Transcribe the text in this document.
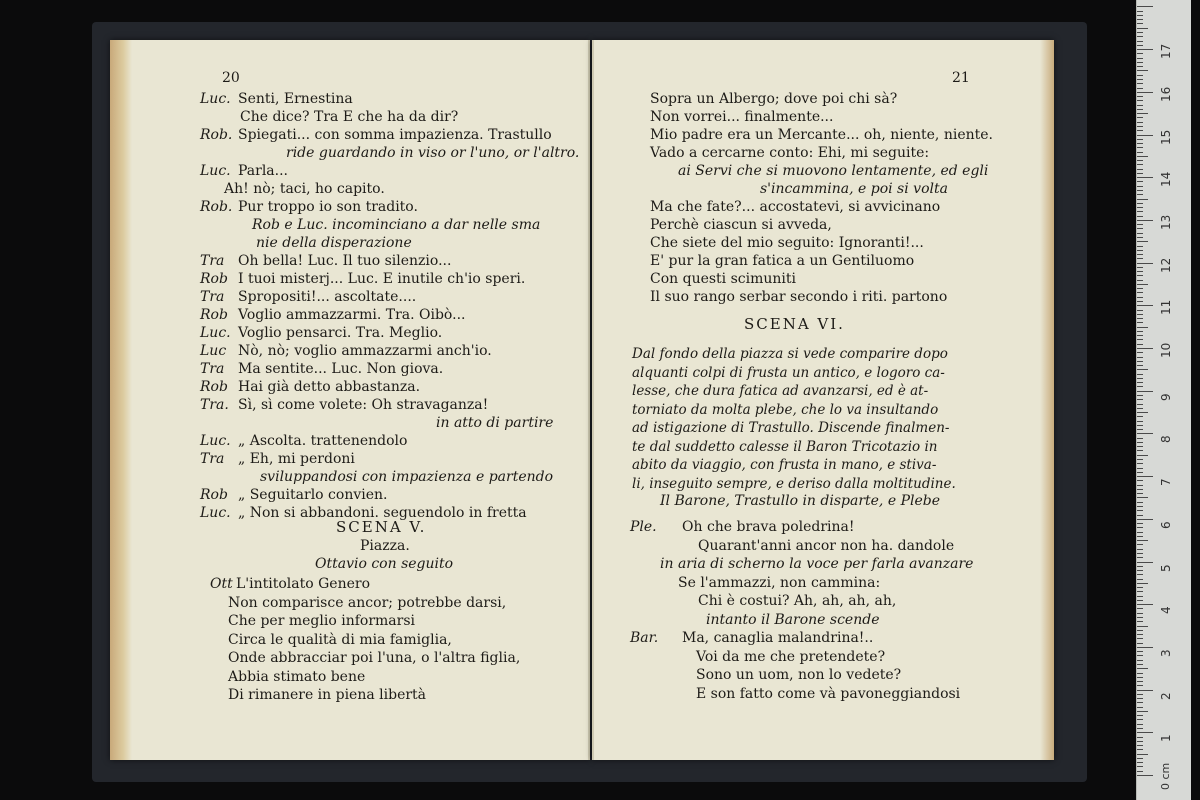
20
Luc. Senti, Ernestina
Che dice? Tra E che ha da dir?
Rob. Spiegati... con somma impazienza. Trastullo
ride guardando in viso or l'uno, or l'altro.
Luc. Parla...
Ah! nò; taci, ho capito.
Rob. Pur troppo io son tradito.
Rob e Luc. incominciano a dar nelle sma
nie della disperazione
Tra Oh bella! Luc. Il tuo silenzio...
Rob I tuoi misterj... Luc. E inutile ch'io speri.
Tra Spropositi!... ascoltate....
Rob Voglio ammazzarmi. Tra. Oibò...
Luc. Voglio pensarci. Tra. Meglio.
Luc Nò, nò; voglio ammazzarmi anch'io.
Tra Ma sentite... Luc. Non giova.
Rob Hai già detto abbastanza.
Tra. Sì, sì come volete: Oh stravaganza!
in atto di partire
Luc. „ Ascolta. trattenendolo
Tra „ Eh, mi perdoni
sviluppandosi con impazienza e partendo
Rob „ Seguitarlo convien.
Luc. „ Non si abbandoni. seguendolo in fretta
SCENA V.
Piazza.
Ottavio con seguito
Ott L'intitolato Genero
Non comparisce ancor; potrebbe darsi,
Che per meglio informarsi
Circa le qualità di mia famiglia,
Onde abbracciar poi l'una, o l'altra figlia,
Abbia stimato bene
Di rimanere in piena libertà
21
Sopra un Albergo; dove poi chi sà?
Non vorrei... finalmente...
Mio padre era un Mercante... oh, niente, niente.
Vado a cercarne conto: Ehi, mi seguite:
ai Servi che si muovono lentamente, ed egli
s'incammina, e poi si volta
Ma che fate?... accostatevi, si avvicinano
Perchè ciascun si avveda,
Che siete del mio seguito: Ignoranti!...
E' pur la gran fatica a un Gentiluomo
Con questi scimuniti
Il suo rango serbar secondo i riti. partono
SCENA VI.
Dal fondo della piazza si vede comparire dopo
alquanti colpi di frusta un antico, e logoro ca-
lesse, che dura fatica ad avanzarsi, ed è at-
torniato da molta plebe, che lo va insultando
ad istigazione di Trastullo. Discende finalmen-
te dal suddetto calesse il Baron Tricotazio in
abito da viaggio, con frusta in mano, e stiva-
li, inseguito sempre, e deriso dalla moltitudine.
Il Barone, Trastullo in disparte, e Plebe
Ple. Oh che brava poledrina!
Quarant'anni ancor non ha. dandole
in aria di scherno la voce per farla avanzare
Se l'ammazzi, non cammina:
Chi è costui? Ah, ah, ah, ah,
intanto il Barone scende
Bar. Ma, canaglia malandrina!..
Voi da me che pretendete?
Sono un uom, non lo vedete?
E son fatto come và pavoneggiandosi
1
2
3
4
5
6
7
8
9
10
11
12
13
14
15
16
17
0 cm
